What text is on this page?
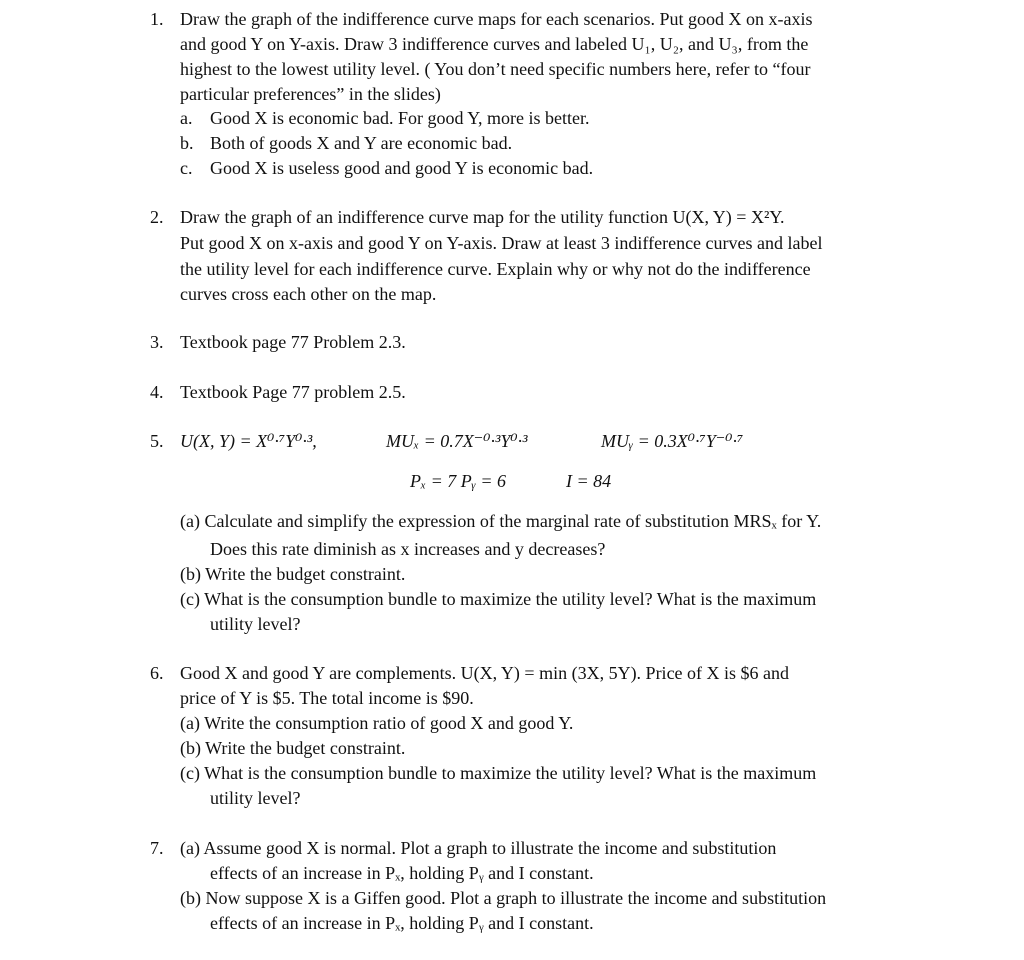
1. Draw the graph of the indifference curve maps for each scenarios. Put good X on x-axis
and good Y on Y-axis. Draw 3 indifference curves and labeled U₁, U₂, and U₃, from the
highest to the lowest utility level. ( You don’t need specific numbers here, refer to “four
particular preferences” in the slides)
a. Good X is economic bad. For good Y, more is better.
b. Both of goods X and Y are economic bad.
c. Good X is useless good and good Y is economic bad.
2. Draw the graph of an indifference curve map for the utility function U(X, Y) = X²Y.
Put good X on x-axis and good Y on Y-axis. Draw at least 3 indifference curves and label
the utility level for each indifference curve. Explain why or why not do the indifference
curves cross each other on the map.
3. Textbook page 77 Problem 2.3.
4. Textbook Page 77 problem 2.5.
5. U(X, Y) = X⁰·⁷Y⁰·³,	MUₓ = 0.7X⁻⁰·³Y⁰·³	MUᵧ = 0.3X⁰·⁷Y⁻⁰·⁷
Pₓ = 7 Pᵧ = 6	I = 84
(a) Calculate and simplify the expression of the marginal rate of substitution MRSₓ for Y.
Does this rate diminish as x increases and y decreases?
(b) Write the budget constraint.
(c) What is the consumption bundle to maximize the utility level? What is the maximum
utility level?
6. Good X and good Y are complements. U(X, Y) = min (3X, 5Y). Price of X is $6 and
price of Y is $5. The total income is $90.
(a) Write the consumption ratio of good X and good Y.
(b) Write the budget constraint.
(c) What is the consumption bundle to maximize the utility level? What is the maximum
utility level?
7. (a) Assume good X is normal. Plot a graph to illustrate the income and substitution
effects of an increase in Pₓ, holding Pᵧ and I constant.
(b) Now suppose X is a Giffen good. Plot a graph to illustrate the income and substitution
effects of an increase in Pₓ, holding Pᵧ and I constant.
